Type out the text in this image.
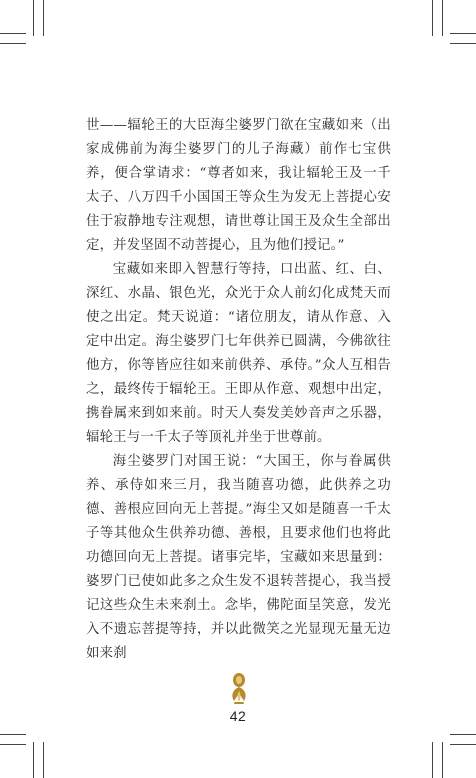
世——辐轮王的大臣海尘婆罗门欲在宝藏如来（出家成佛前为海尘婆罗门的儿子海藏）前作七宝供养，便合掌请求：“尊者如来，我让辐轮王及一千太子、八万四千小国国王等众生为发无上菩提心安住于寂静地专注观想，请世尊让国王及众生全部出定，并发坚固不动菩提心，且为他们授记。”

宝藏如来即入智慧行等持，口出蓝、红、白、深红、水晶、银色光，众光于众人前幻化成梵天而使之出定。梵天说道：“诸位朋友，请从作意、入定中出定。海尘婆罗门七年供养已圆满，今佛欲往他方，你等皆应往如来前供养、承侍。”众人互相告之，最终传于辐轮王。王即从作意、观想中出定，携眷属来到如来前。时天人奏发美妙音声之乐器，辐轮王与一千太子等顶礼并坐于世尊前。

海尘婆罗门对国王说：“大国王，你与眷属供养、承侍如来三月，我当随喜功德，此供养之功德、善根应回向无上菩提。”海尘又如是随喜一千太子等其他众生供养功德、善根，且要求他们也将此功德回向无上菩提。诸事完毕，宝藏如来思量到：婆罗门已使如此多之众生发不退转菩提心，我当授记这些众生未来刹土。念毕，佛陀面呈笑意，发光入不遗忘菩提等持，并以此微笑之光显现无量无边如来刹

42
